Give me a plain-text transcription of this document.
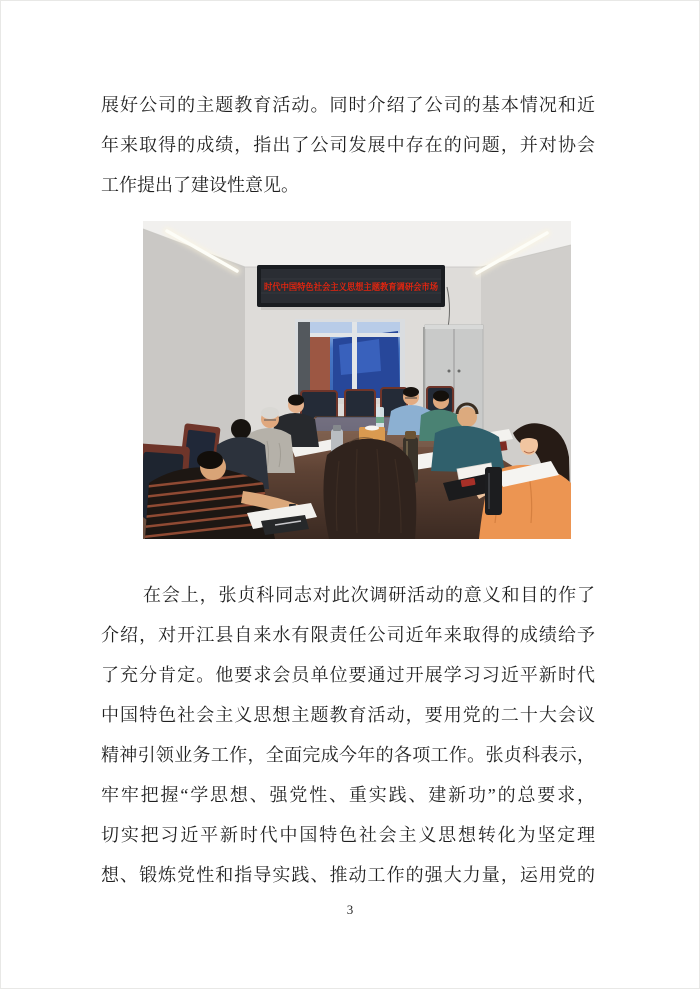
展好公司的主题教育活动。同时介绍了公司的基本情况和近
年来取得的成绩，指出了公司发展中存在的问题，并对协会
工作提出了建设性意见。
时代中国特色社会主义思想主题教育调研会市场
在会上，张贞科同志对此次调研活动的意义和目的作了
介绍，对开江县自来水有限责任公司近年来取得的成绩给予
了充分肯定。他要求会员单位要通过开展学习习近平新时代
中国特色社会主义思想主题教育活动，要用党的二十大会议
精神引领业务工作，全面完成今年的各项工作。张贞科表示，
牢牢把握“学思想、强党性、重实践、建新功”的总要求，
切实把习近平新时代中国特色社会主义思想转化为坚定理
想、锻炼党性和指导实践、推动工作的强大力量，运用党的
3
